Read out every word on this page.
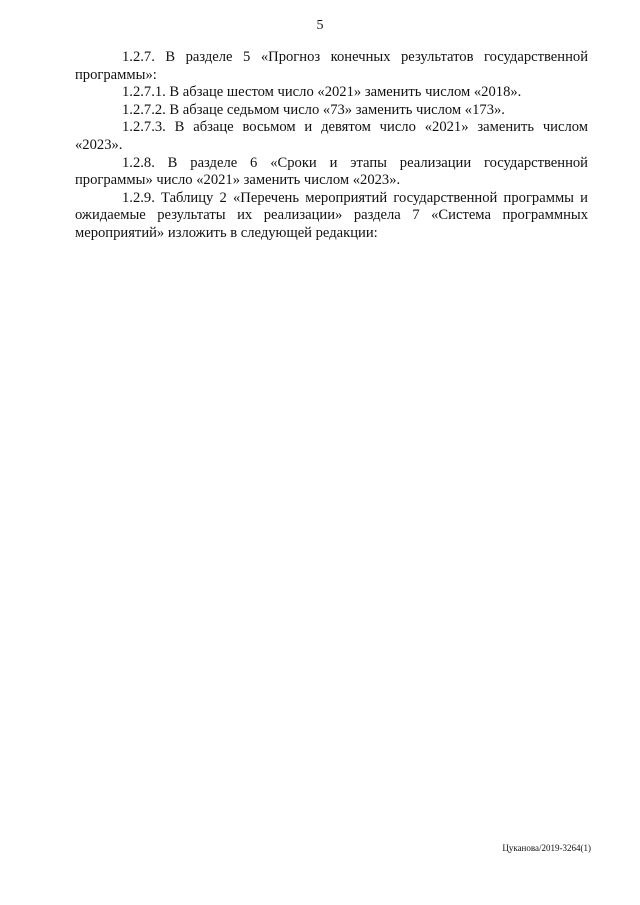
5

1.2.7. В разделе 5 «Прогноз конечных результатов государственной программы»:

1.2.7.1. В абзаце шестом число «2021» заменить числом «2018».

1.2.7.2. В абзаце седьмом число «73» заменить числом «173».

1.2.7.3. В абзаце восьмом и девятом число «2021» заменить числом «2023».

1.2.8. В разделе 6 «Сроки и этапы реализации государственной программы» число «2021» заменить числом «2023».

1.2.9. Таблицу 2 «Перечень мероприятий государственной программы и ожидаемые результаты их реализации» раздела 7 «Система программных мероприятий» изложить в следующей редакции:

Цуканова/2019-3264(1)
